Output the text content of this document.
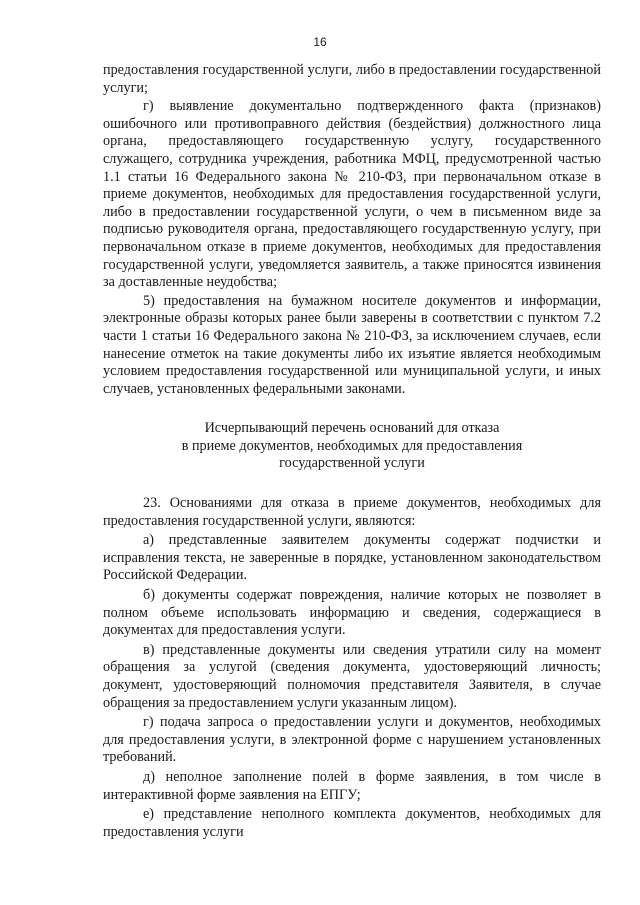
16

предоставления государственной услуги, либо в предоставлении государственной услуги;

г) выявление документально подтвержденного факта (признаков) ошибочного или противоправного действия (бездействия) должностного лица органа, предоставляющего государственную услугу, государственного служащего, сотрудника учреждения, работника МФЦ, предусмотренной частью 1.1 статьи 16 Федерального закона № 210-ФЗ, при первоначальном отказе в приеме документов, необходимых для предоставления государственной услуги, либо в предоставлении государственной услуги, о чем в письменном виде за подписью руководителя органа, предоставляющего государственную услугу, при первоначальном отказе в приеме документов, необходимых для предоставления государственной услуги, уведомляется заявитель, а также приносятся извинения за доставленные неудобства;

5) предоставления на бумажном носителе документов и информации, электронные образы которых ранее были заверены в соответствии с пунктом 7.2 части 1 статьи 16 Федерального закона № 210-ФЗ, за исключением случаев, если нанесение отметок на такие документы либо их изъятие является необходимым условием предоставления государственной или муниципальной услуги, и иных случаев, установленных федеральными законами.

Исчерпывающий перечень оснований для отказа
в приеме документов, необходимых для предоставления
государственной услуги

23. Основаниями для отказа в приеме документов, необходимых для предоставления государственной услуги, являются:

а) представленные заявителем документы содержат подчистки и исправления текста, не заверенные в порядке, установленном законодательством Российской Федерации.

б) документы содержат повреждения, наличие которых не позволяет в полном объеме использовать информацию и сведения, содержащиеся в документах для предоставления услуги.

в) представленные документы или сведения утратили силу на момент обращения за услугой (сведения документа, удостоверяющий личность; документ, удостоверяющий полномочия представителя Заявителя, в случае обращения за предоставлением услуги указанным лицом).

г) подача запроса о предоставлении услуги и документов, необходимых для предоставления услуги, в электронной форме с нарушением установленных требований.

д) неполное заполнение полей в форме заявления, в том числе в интерактивной форме заявления на ЕПГУ;

е) представление неполного комплекта документов, необходимых для предоставления услуги
